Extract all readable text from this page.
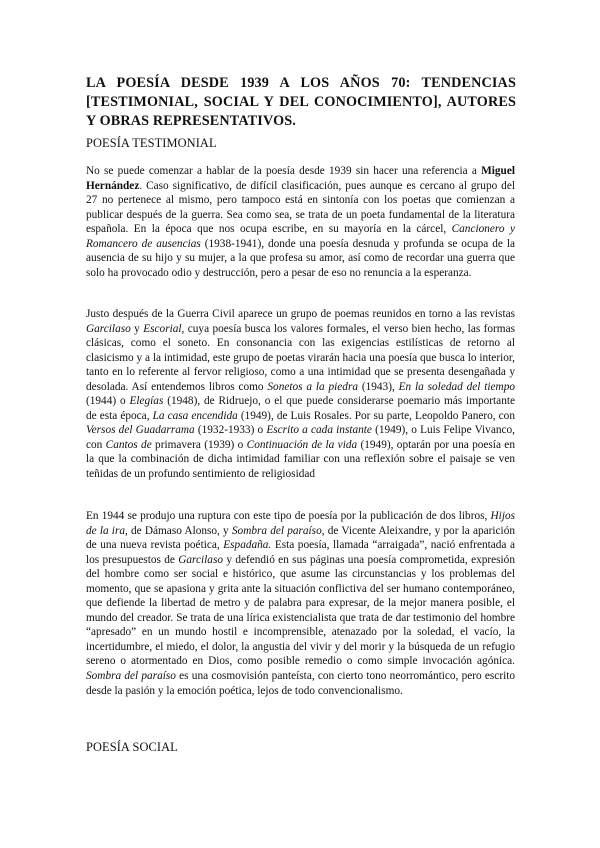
LA POESÍA DESDE 1939 A LOS AÑOS 70: TENDENCIAS [TESTIMONIAL, SOCIAL Y DEL CONOCIMIENTO], AUTORES Y OBRAS REPRESENTATIVOS.

POESÍA TESTIMONIAL

No se puede comenzar a hablar de la poesía desde 1939 sin hacer una referencia a Miguel Hernández. Caso significativo, de difícil clasificación, pues aunque es cercano al grupo del 27 no pertenece al mismo, pero tampoco está en sintonía con los poetas que comienzan a publicar después de la guerra. Sea como sea, se trata de un poeta fundamental de la literatura española. En la época que nos ocupa escribe, en su mayoría en la cárcel, Cancionero y Romancero de ausencias (1938-1941), donde una poesía desnuda y profunda se ocupa de la ausencia de su hijo y su mujer, a la que profesa su amor, así como de recordar una guerra que solo ha provocado odio y destrucción, pero a pesar de eso no renuncia a la esperanza.

Justo después de la Guerra Civil aparece un grupo de poemas reunidos en torno a las revistas Garcilaso y Escorial, cuya poesía busca los valores formales, el verso bien hecho, las formas clásicas, como el soneto. En consonancia con las exigencias estilísticas de retorno al clasicismo y a la intimidad, este grupo de poetas virarán hacia una poesía que busca lo interior, tanto en lo referente al fervor religioso, como a una intimidad que se presenta desengañada y desolada. Así entendemos libros como Sonetos a la piedra (1943), En la soledad del tiempo (1944) o Elegías (1948), de Ridruejo, o el que puede considerarse poemario más importante de esta época, La casa encendida (1949), de Luis Rosales. Por su parte, Leopoldo Panero, con Versos del Guadarrama (1932-1933) o Escrito a cada instante (1949), o Luis Felipe Vivanco, con Cantos de primavera (1939) o Continuación de la vida (1949), optarán por una poesía en la que la combinación de dicha intimidad familiar con una reflexión sobre el paisaje se ven teñidas de un profundo sentimiento de religiosidad

En 1944 se produjo una ruptura con este tipo de poesía por la publicación de dos libros, Hijos de la ira, de Dámaso Alonso, y Sombra del paraíso, de Vicente Aleixandre, y por la aparición de una nueva revista poética, Espadaña. Esta poesía, llamada “arraigada”, nació enfrentada a los presupuestos de Garcilaso y defendió en sus páginas una poesía comprometida, expresión del hombre como ser social e histórico, que asume las circunstancias y los problemas del momento, que se apasiona y grita ante la situación conflictiva del ser humano contemporáneo, que defiende la libertad de metro y de palabra para expresar, de la mejor manera posible, el mundo del creador. Se trata de una lírica existencialista que trata de dar testimonio del hombre “apresado” en un mundo hostil e incomprensible, atenazado por la soledad, el vacío, la incertidumbre, el miedo, el dolor, la angustia del vivir y del morir y la búsqueda de un refugio sereno o atormentado en Dios, como posible remedio o como simple invocación agónica. Sombra del paraíso es una cosmovisión panteísta, con cierto tono neorromántico, pero escrito desde la pasión y la emoción poética, lejos de todo convencionalismo.

POESÍA SOCIAL
